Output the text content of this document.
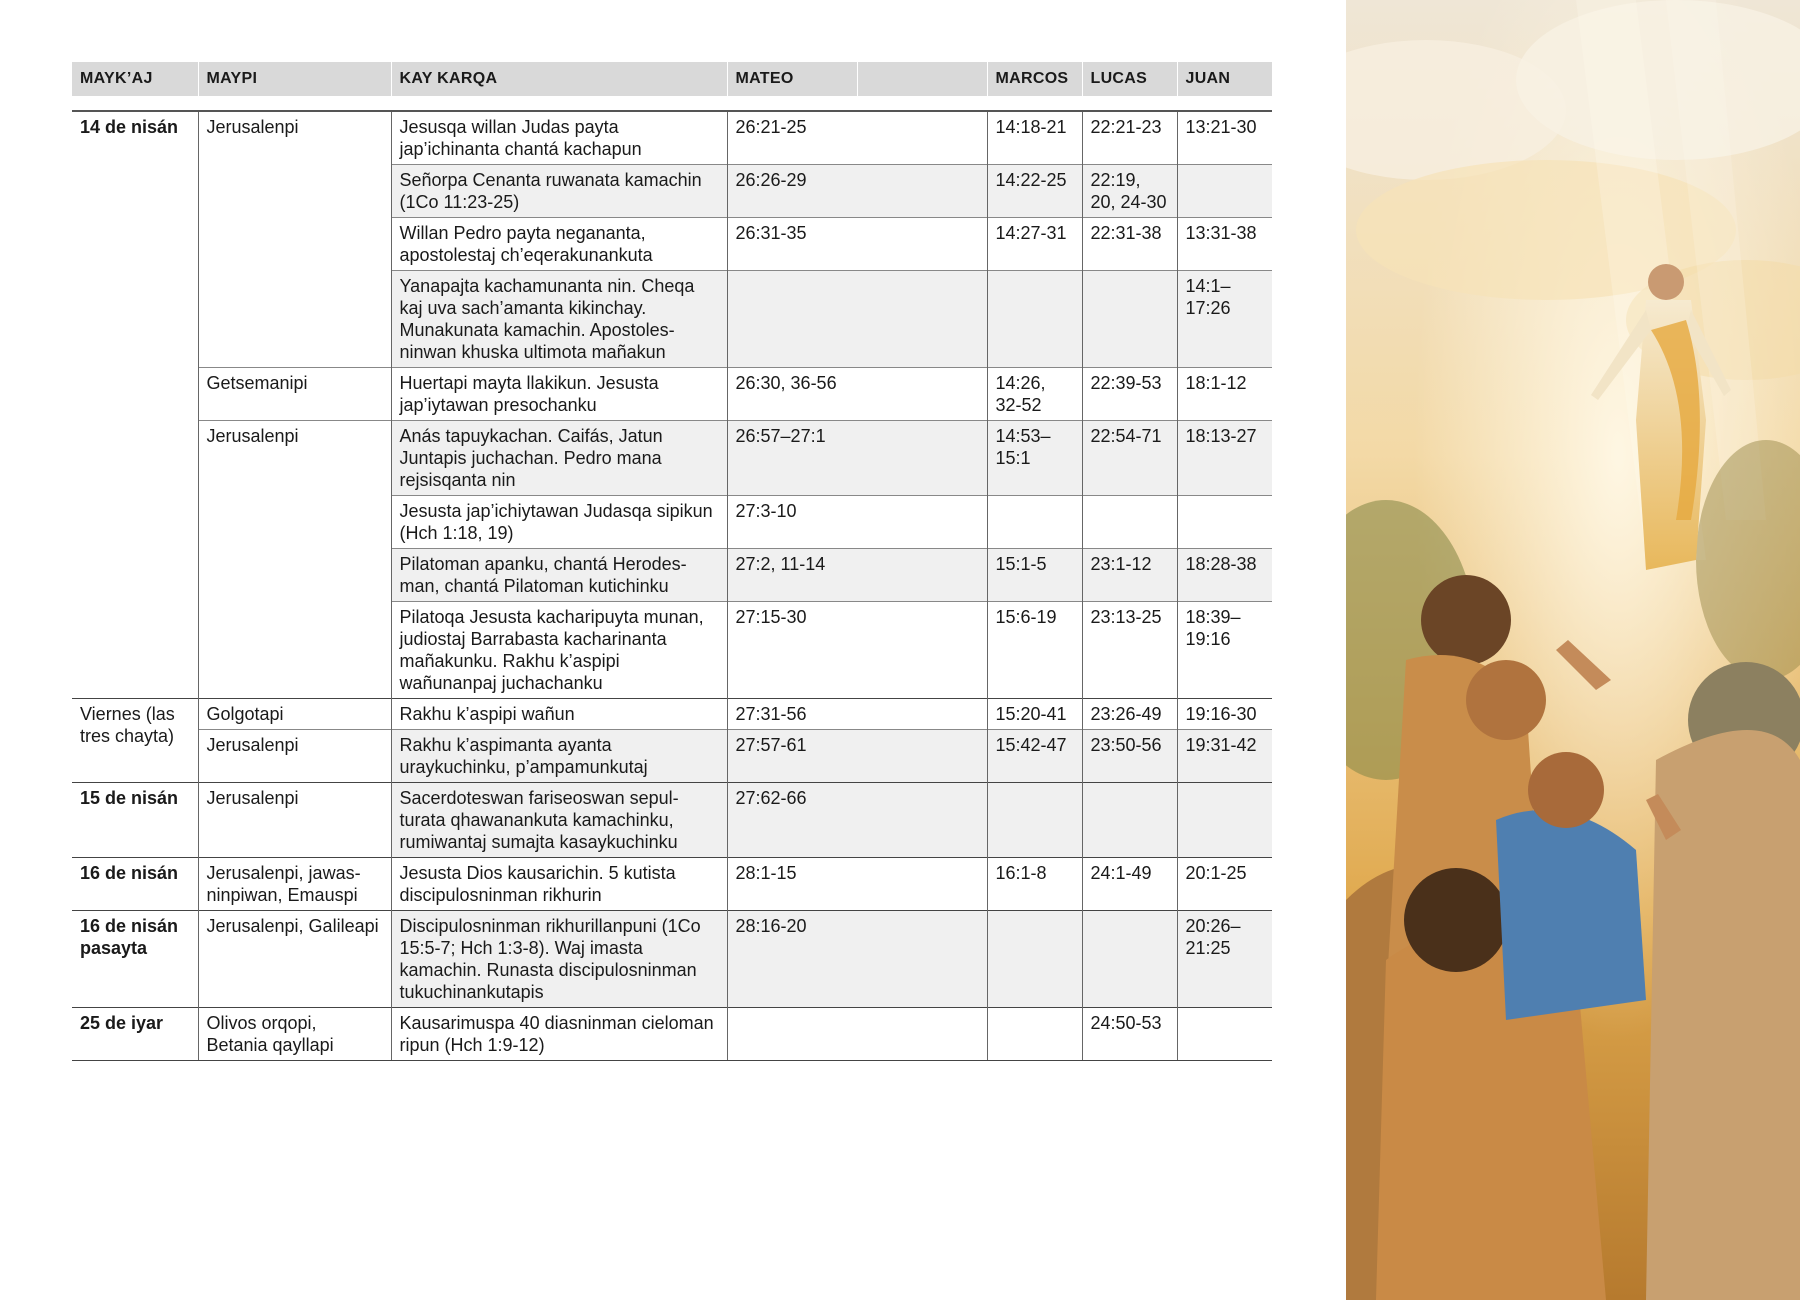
MAYK’AJ	MAYPI	KAY KARQA	MATEO		MARCOS	LUCAS	JUAN

14 de nisán	Jerusalenpi	Jesusqa willan Judas payta jap’ichinanta chantá kachapun	26:21-25		14:18-21	22:21-23	13:21-30
		Señorpa Cenanta ruwanata kamachin (1Co 11:23-25)	26:26-29		14:22-25	22:19, 20, 24-30	
		Willan Pedro payta negananta, apostolestaj ch’eqerakunankuta	26:31-35		14:27-31	22:31-38	13:31-38
		Yanapajta kachamunanta nin. Cheqa kaj uva sach’amanta kikinchay. Munakunata kamachin. Apostoles-ninwan khuska ultimota mañakun					14:1–17:26
	Getsemanipi	Huertapi mayta llakikun. Jesusta jap’iytawan presochanku	26:30, 36-56		14:26, 32-52	22:39-53	18:1-12
	Jerusalenpi	Anás tapuykachan. Caifás, Jatun Juntapis juchachan. Pedro mana rejsisqanta nin	26:57–27:1		14:53–15:1	22:54-71	18:13-27
		Jesusta jap’ichiytawan Judasqa sipikun (Hch 1:18, 19)	27:3-10				
		Pilatoman apanku, chantá Herodes-man, chantá Pilatoman kutichinku	27:2, 11-14		15:1-5	23:1-12	18:28-38
		Pilatoqa Jesusta kacharipuyta munan, judiostaj Barrabasta kacharinanta mañakunku. Rakhu k’aspipi wañunanpaj juchachanku	27:15-30		15:6-19	23:13-25	18:39–19:16
Viernes (las tres chayta)	Golgotapi	Rakhu k’aspipi wañun	27:31-56		15:20-41	23:26-49	19:16-30
	Jerusalenpi	Rakhu k’aspimanta ayanta uraykuchinku, p’ampamunkutaj	27:57-61		15:42-47	23:50-56	19:31-42
15 de nisán	Jerusalenpi	Sacerdoteswan fariseoswan sepul-turata qhawanankuta kamachinku, rumiwantaj sumajta kasaykuchinku	27:62-66				
16 de nisán	Jerusalenpi, jawas-ninpiwan, Emauspi	Jesusta Dios kausarichin. 5 kutista discipulosninman rikhurin	28:1-15		16:1-8	24:1-49	20:1-25
16 de nisán pasayta	Jerusalenpi, Galileapi	Discipulosninman rikhurillanpuni (1Co 15:5-7; Hch 1:3-8). Waj imasta kamachin. Runasta discipulosninman tukuchinankutapis	28:16-20				20:26–21:25
25 de iyar	Olivos orqopi, Betania qayllapi	Kausarimuspa 40 diasninman cieloman ripun (Hch 1:9-12)				24:50-53	
